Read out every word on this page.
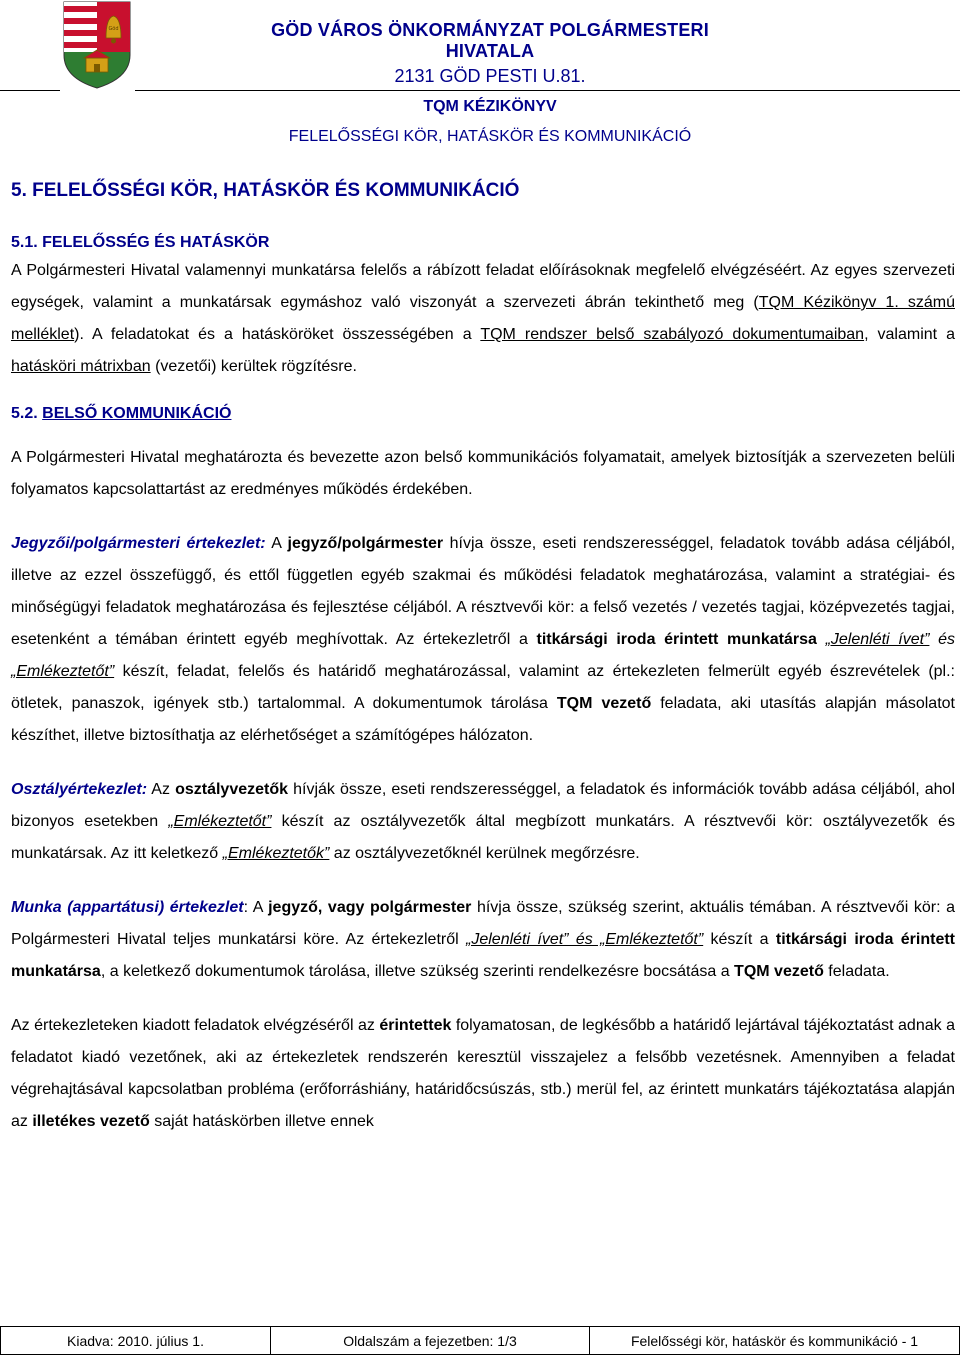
Göd	GÖD VÁROS ÖNKORMÁNYZAT POLGÁRMESTERI HIVATALA
2131 GÖD PESTI U.81.
TQM KÉZIKÖNYV
FELELŐSSÉGI KÖR, HATÁSKÖR ÉS KOMMUNIKÁCIÓ
5. FELELŐSSÉGI KÖR, HATÁSKÖR ÉS KOMMUNIKÁCIÓ
5.1. FELELŐSSÉG ÉS HATÁSKÖR

A Polgármesteri Hivatal valamennyi munkatársa felelős a rábízott feladat előírásoknak megfelelő elvégzéséért. Az egyes szervezeti egységek, valamint a munkatársak egymáshoz való viszonyát a szervezeti ábrán tekinthető meg (TQM Kézikönyv 1. számú melléklet). A feladatokat és a hatásköröket összességében a TQM rendszer belső szabályozó dokumentumaiban, valamint a hatásköri mátrixban (vezetői) kerültek rögzítésre.

5.2. BELSŐ KOMMUNIKÁCIÓ

A Polgármesteri Hivatal meghatározta és bevezette azon belső kommunikációs folyamatait, amelyek biztosítják a szervezeten belüli folyamatos kapcsolattartást az eredményes működés érdekében.

Jegyzői/polgármesteri értekezlet: A jegyző/polgármester hívja össze, eseti rendszerességgel, feladatok tovább adása céljából, illetve az ezzel összefüggő, és ettől független egyéb szakmai és működési feladatok meghatározása, valamint a stratégiai- és minőségügyi feladatok meghatározása és fejlesztése céljából. A résztvevői kör: a felső vezetés / vezetés tagjai, középvezetés tagjai, esetenként a témában érintett egyéb meghívottak. Az értekezletről a titkársági iroda érintett munkatársa „Jelenléti ívet” és „Emlékeztetőt” készít, feladat, felelős és határidő meghatározással, valamint az értekezleten felmerült egyéb észrevételek (pl.: ötletek, panaszok, igények stb.) tartalommal. A dokumentumok tárolása TQM vezető feladata, aki utasítás alapján másolatot készíthet, illetve biztosíthatja az elérhetőséget a számítógépes hálózaton.

Osztályértekezlet: Az osztályvezetők hívják össze, eseti rendszerességgel, a feladatok és információk tovább adása céljából, ahol bizonyos esetekben „Emlékeztetőt” készít az osztályvezetők által megbízott munkatárs. A résztvevői kör: osztályvezetők és munkatársak. Az itt keletkező „Emlékeztetők” az osztályvezetőknél kerülnek megőrzésre.

Munka (appartátusi) értekezlet: A jegyző, vagy polgármester hívja össze, szükség szerint, aktuális témában. A résztvevői kör: a Polgármesteri Hivatal teljes munkatársi köre. Az értekezletről „Jelenléti ívet” és „Emlékeztetőt” készít a titkársági iroda érintett munkatársa, a keletkező dokumentumok tárolása, illetve szükség szerinti rendelkezésre bocsátása a TQM vezető feladata.

Az értekezleteken kiadott feladatok elvégzéséről az érintettek folyamatosan, de legkésőbb a határidő lejártával tájékoztatást adnak a feladatot kiadó vezetőnek, aki az értekezletek rendszerén keresztül visszajelez a felsőbb vezetésnek. Amennyiben a feladat végrehajtásával kapcsolatban probléma (erőforráshiány, határidőcsúszás, stb.) merül fel, az érintett munkatárs tájékoztatása alapján az illetékes vezető saját hatáskörben illetve ennek

Kiadva: 2010. július 1.	Oldalszám a fejezetben: 1/3	Felelősségi kör, hatáskör és kommunikáció - 1
